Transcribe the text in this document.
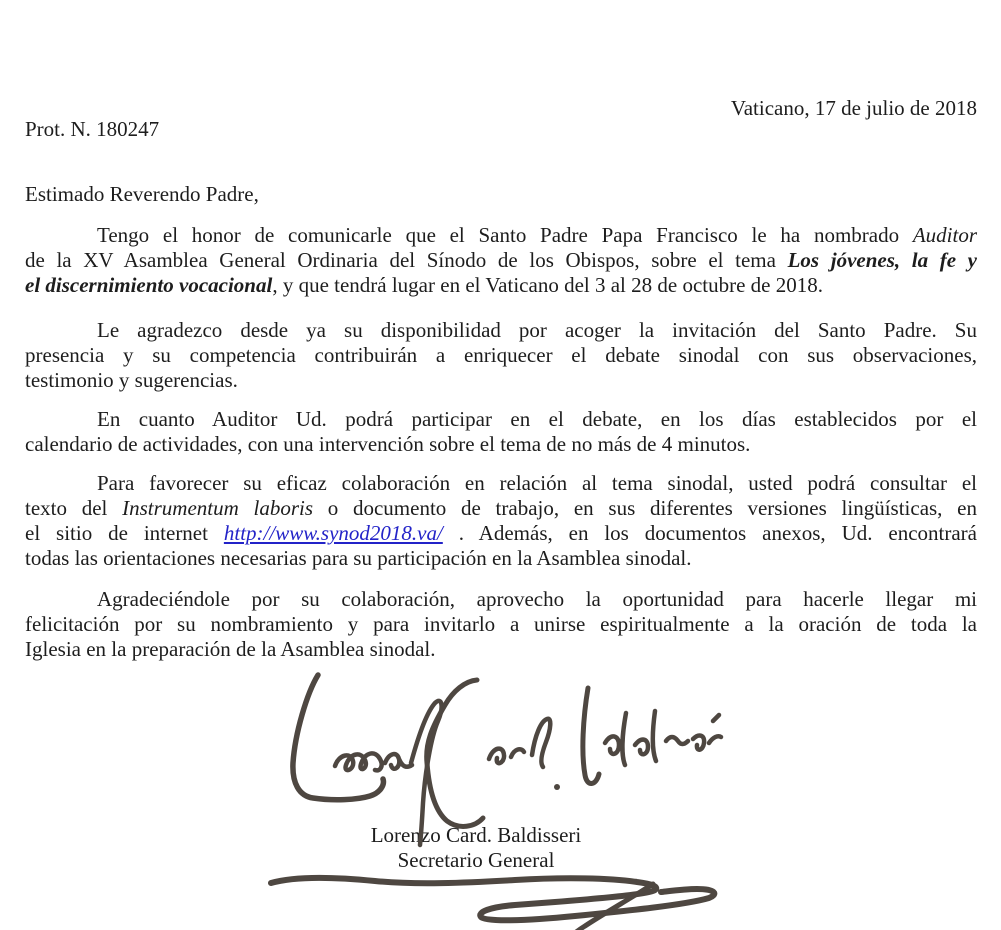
Vaticano, 17 de julio de 2018
Prot. N. 180247
Estimado Reverendo Padre,
Tengo el honor de comunicarle que el Santo Padre Papa Francisco le ha nombrado Auditor
de la XV Asamblea General Ordinaria del Sínodo de los Obispos, sobre el tema Los jóvenes, la fe y
el discernimiento vocacional, y que tendrá lugar en el Vaticano del 3 al 28 de octubre de 2018.
Le agradezco desde ya su disponibilidad por acoger la invitación del Santo Padre. Su
presencia y su competencia contribuirán a enriquecer el debate sinodal con sus observaciones,
testimonio y sugerencias.
En cuanto Auditor Ud. podrá participar en el debate, en los días establecidos por el
calendario de actividades, con una intervención sobre el tema de no más de 4 minutos.
Para favorecer su eficaz colaboración en relación al tema sinodal, usted podrá consultar el
texto del Instrumentum laboris o documento de trabajo, en sus diferentes versiones lingüísticas, en
el sitio de internet http://www.synod2018.va/ . Además, en los documentos anexos, Ud. encontrará
todas las orientaciones necesarias para su participación en la Asamblea sinodal.
Agradeciéndole por su colaboración, aprovecho la oportunidad para hacerle llegar mi
felicitación por su nombramiento y para invitarlo a unirse espiritualmente a la oración de toda la
Iglesia en la preparación de la Asamblea sinodal.
Lorenzo Card. Baldisseri
Secretario General
